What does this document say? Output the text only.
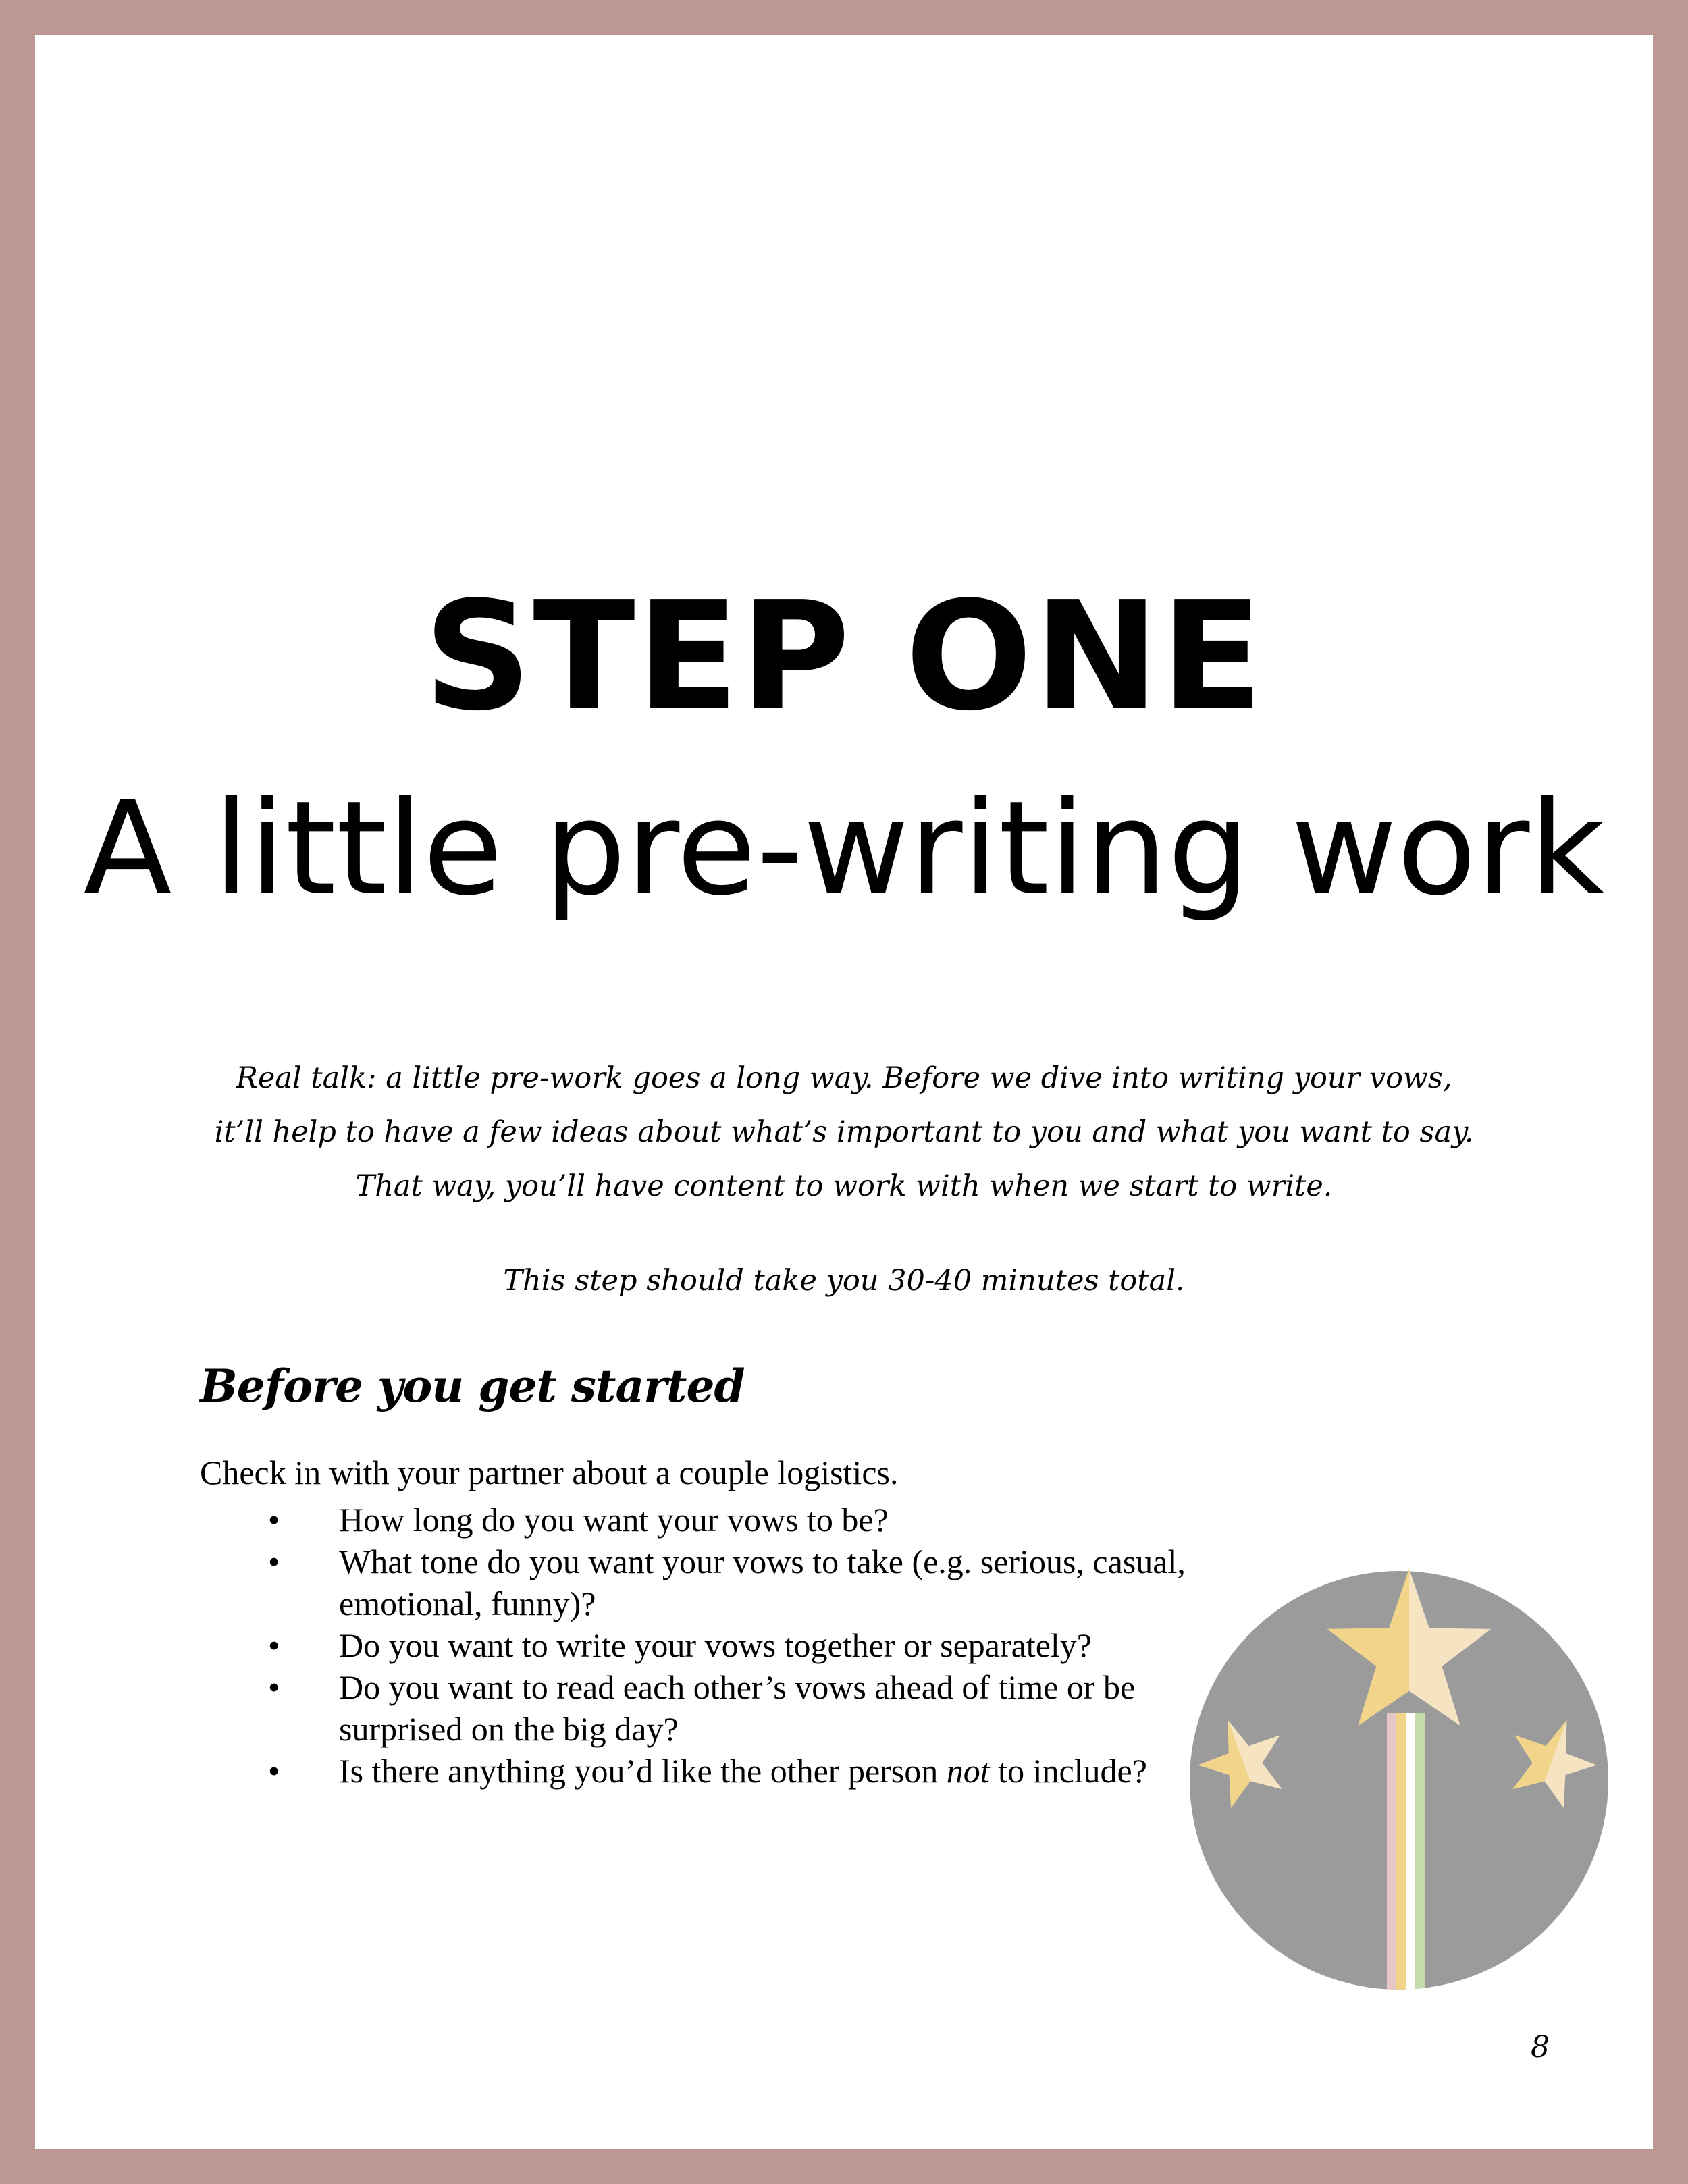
STEP ONE
A little pre-writing work

Real talk: a little pre-work goes a long way. Before we dive into writing your vows,

it’ll help to have a few ideas about what’s important to you and what you want to say.

That way, you’ll have content to work with when we start to write.

This step should take you 30-40 minutes total.

Before you get started

Check in with your partner about a couple logistics.

• How long do you want your vows to be?
• What tone do you want your vows to take (e.g. serious, casual, emotional, funny)?
• Do you want to write your vows together or separately?
• Do you want to read each other’s vows ahead of time or be surprised on the big day?
• Is there anything you’d like the other person not to include?
8
